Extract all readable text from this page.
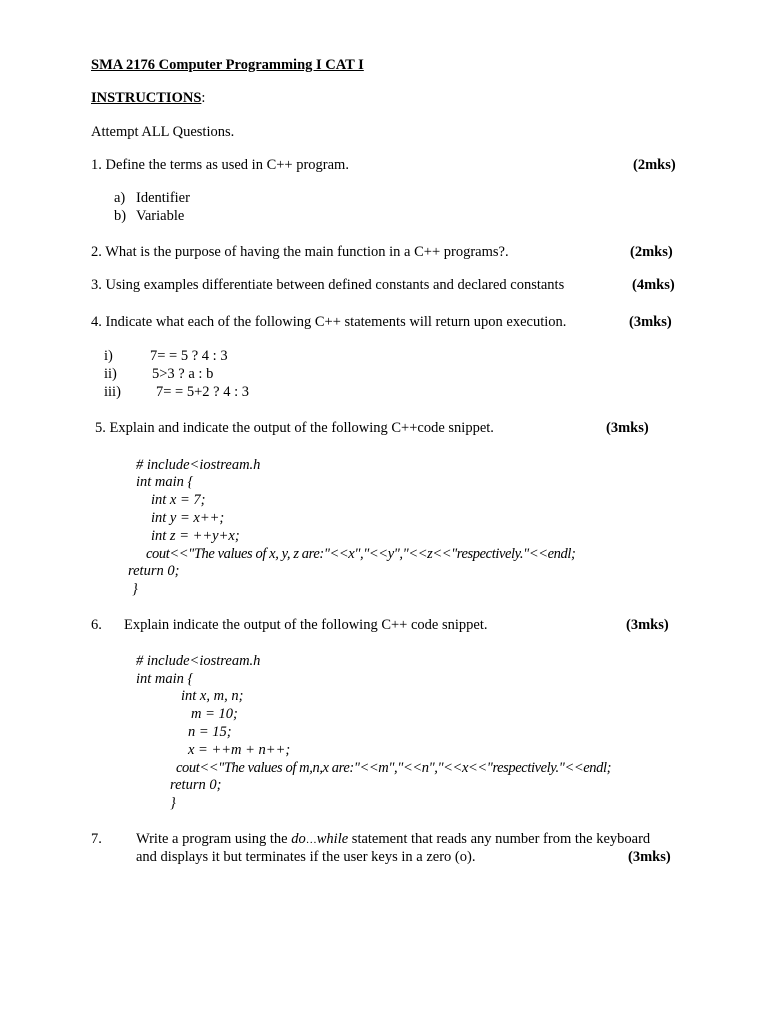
SMA 2176 Computer Programming I CAT I
INSTRUCTIONS:
Attempt ALL Questions.
1. Define the terms as used in C++ program.	(2mks)
a) Identifier
b) Variable
2. What is the purpose of having the main function in a C++ programs?.	(2mks)
3. Using examples differentiate between defined constants and declared constants	(4mks)
4. Indicate what each of the following C++ statements will return upon execution.	(3mks)
i)	7= = 5 ? 4 : 3
ii) 5>3 ? a : b
iii) 7= = 5+2 ? 4 : 3
5. Explain and indicate the output of the following C++code snippet.	(3mks)
# include<iostream.h
int main {
int x = 7;
int y = x++;
int z = ++y+x;
cout<<"The values of x, y, z are:"<<x","<<y","<<z<<"respectively."<<endl;
return 0;
}
6. Explain indicate the output of the following C++ code snippet.	(3mks)
# include<iostream.h
int main {
int x, m, n;
m = 10;
n = 15;
x = ++m + n++;
cout<<"The values of m,n,x are:"<<m","<<n","<<x<<"respectively."<<endl;
return 0;
}
7. Write a program using the do…while statement that reads any number from the keyboard
and displays it but terminates if the user keys in a zero (o).	(3mks)
